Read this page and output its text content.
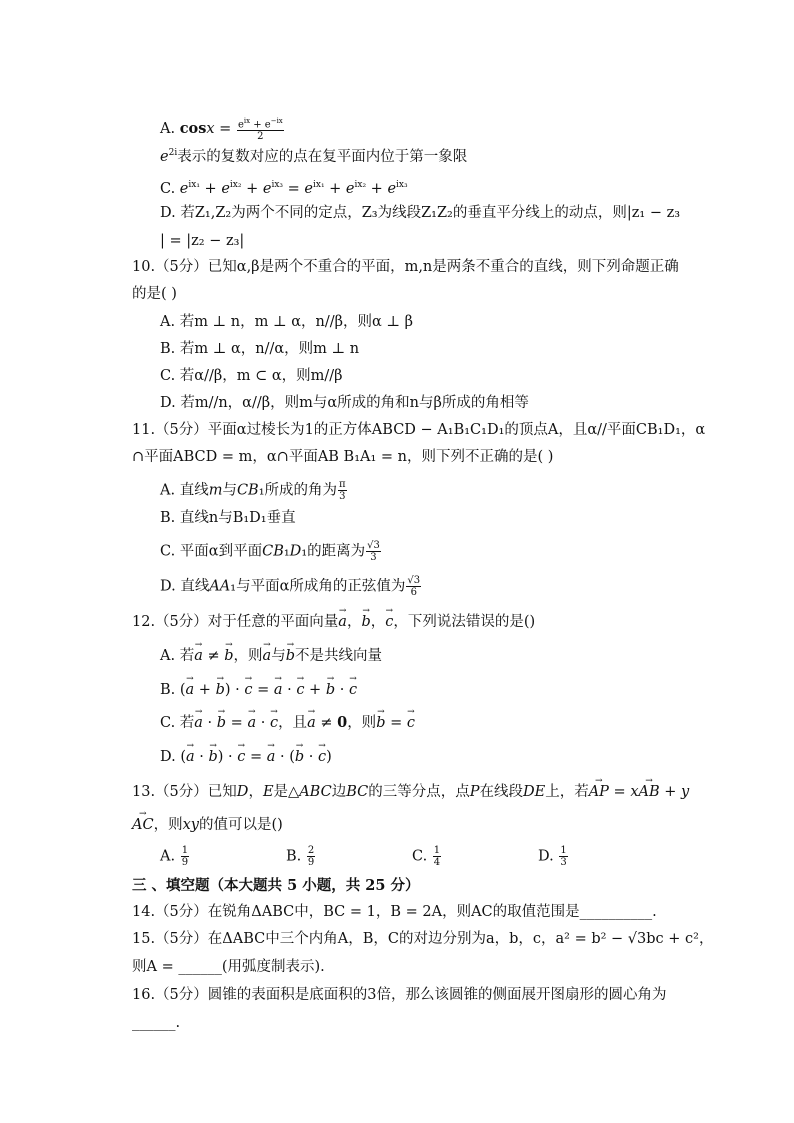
A. $\cos x = \frac{e^{ix} + e^{-ix}}{2}$
$e^{2i}$表示的复数对应的点在复平面内位于第一象限
C. $e^{ix_1} + e^{ix_2} + e^{ix_3} = e^{ix_1} + e^{ix_2} + e^{ix_3}$
D. 若Z₁,Z₂为两个不同的定点，Z₃为线段Z₁Z₂的垂直平分线上的动点，则|z₁ − z₃
| = |z₂ − z₃|
10.（5分）已知α,β是两个不重合的平面，m,n是两条不重合的直线，则下列命题正确
的是( )
A. 若m ⊥ n，m ⊥ α，n//β，则α ⊥ β
B. 若m ⊥ α，n//α，则m ⊥ n
C. 若α//β，m ⊂ α，则m//β
D. 若m//n，α//β，则m与α所成的角和n与β所成的角相等
11.（5分）平面α过棱长为1的正方体ABCD − A₁B₁C₁D₁的顶点A，且α//平面CB₁D₁，α
∩平面ABCD = m，α∩平面AB B₁A₁ = n，则下列不正确的是( )
A. 直线m与CB₁所成的角为 $\frac{\pi}{3}$
B. 直线n与B₁D₁垂直
C. 平面α到平面CB₁D₁的距离为 $\frac{√3}{3}$
D. 直线AA₁与平面α所成角的正弦值为 $\frac{√3}{6}$
12.（5分）对于任意的平面向量→ a，→ b，→ c，下列说法错误的是()
A. 若→ a ≠ → b，则→ a与→ b不是共线向量
B. (→ a + → b) · → c = → a · → c + → b · → c
C. 若→ a · → b = → a · → c，且→ a ≠ 0，则→ b = → c
D. (→ a · → b) · → c = → a · (→ b · → c)
13.（5分）已知D，E是△ABC边BC的三等分点，点P在线段DE上，若→ AP = x→ AB + y
→ AC，则xy的值可以是()
A. $\frac{1}{9}$	B. $\frac{2}{9}$	C. $\frac{1}{4}$	D. $\frac{1}{3}$
三 、填空题（本大题共 5 小题，共 25 分）
14.（5分）在锐角ΔABC中，BC = 1，B = 2A，则AC的取值范围是__________.
15.（5分）在ΔABC中三个内角A，B，C的对边分别为a，b，c，a² = b² − √3bc + c²，
则A = ______(用弧度制表示).
16.（5分）圆锥的表面积是底面积的3倍，那么该圆锥的侧面展开图扇形的圆心角为
______.
